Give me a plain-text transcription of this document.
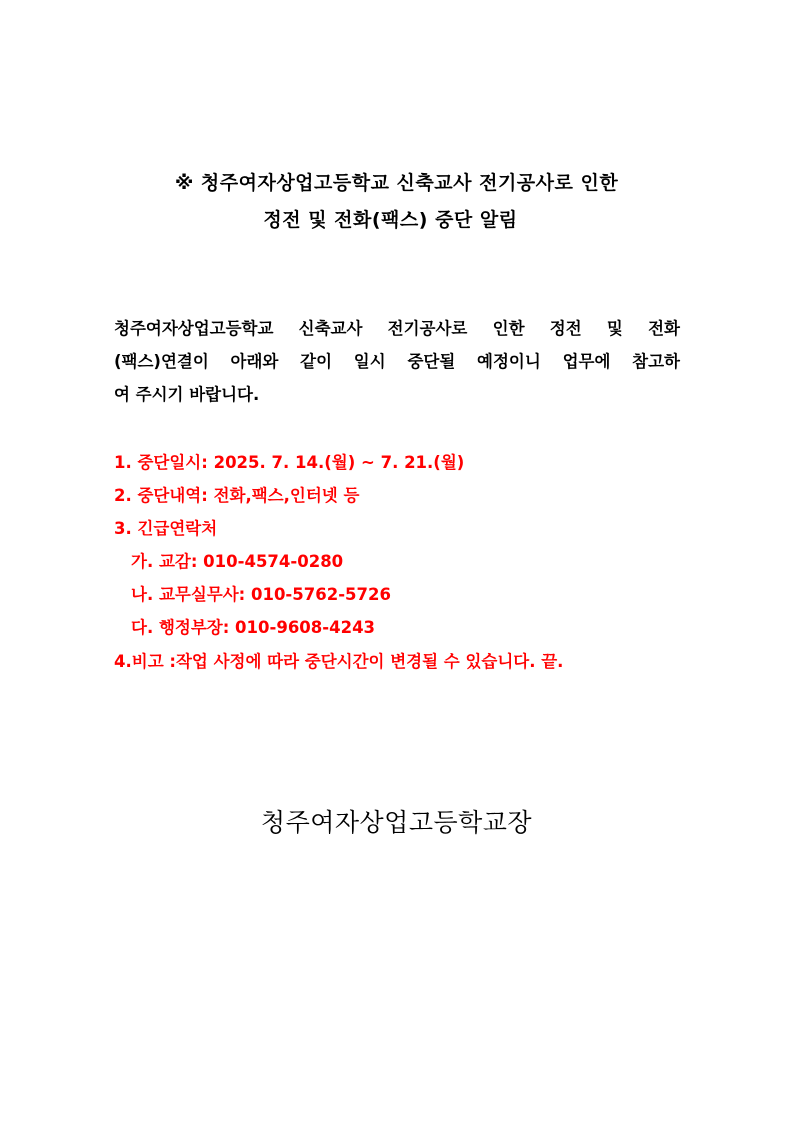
※ 청주여자상업고등학교 신축교사 전기공사로 인한
정전 및 전화(팩스) 중단 알림
청주여자상업고등학교 신축교사 전기공사로 인한 정전 및 전화
(팩스)연결이 아래와 같이 일시 중단될 예정이니 업무에 참고하
여 주시기 바랍니다.
1. 중단일시: 2025. 7. 14.(월) ~ 7. 21.(월)
2. 중단내역: 전화,팩스,인터넷 등
3. 긴급연락처
가. 교감: 010-4574-0280
나. 교무실무사: 010-5762-5726
다. 행정부장: 010-9608-4243
4.비고 :작업 사정에 따라 중단시간이 변경될 수 있습니다. 끝.
청주여자상업고등학교장
